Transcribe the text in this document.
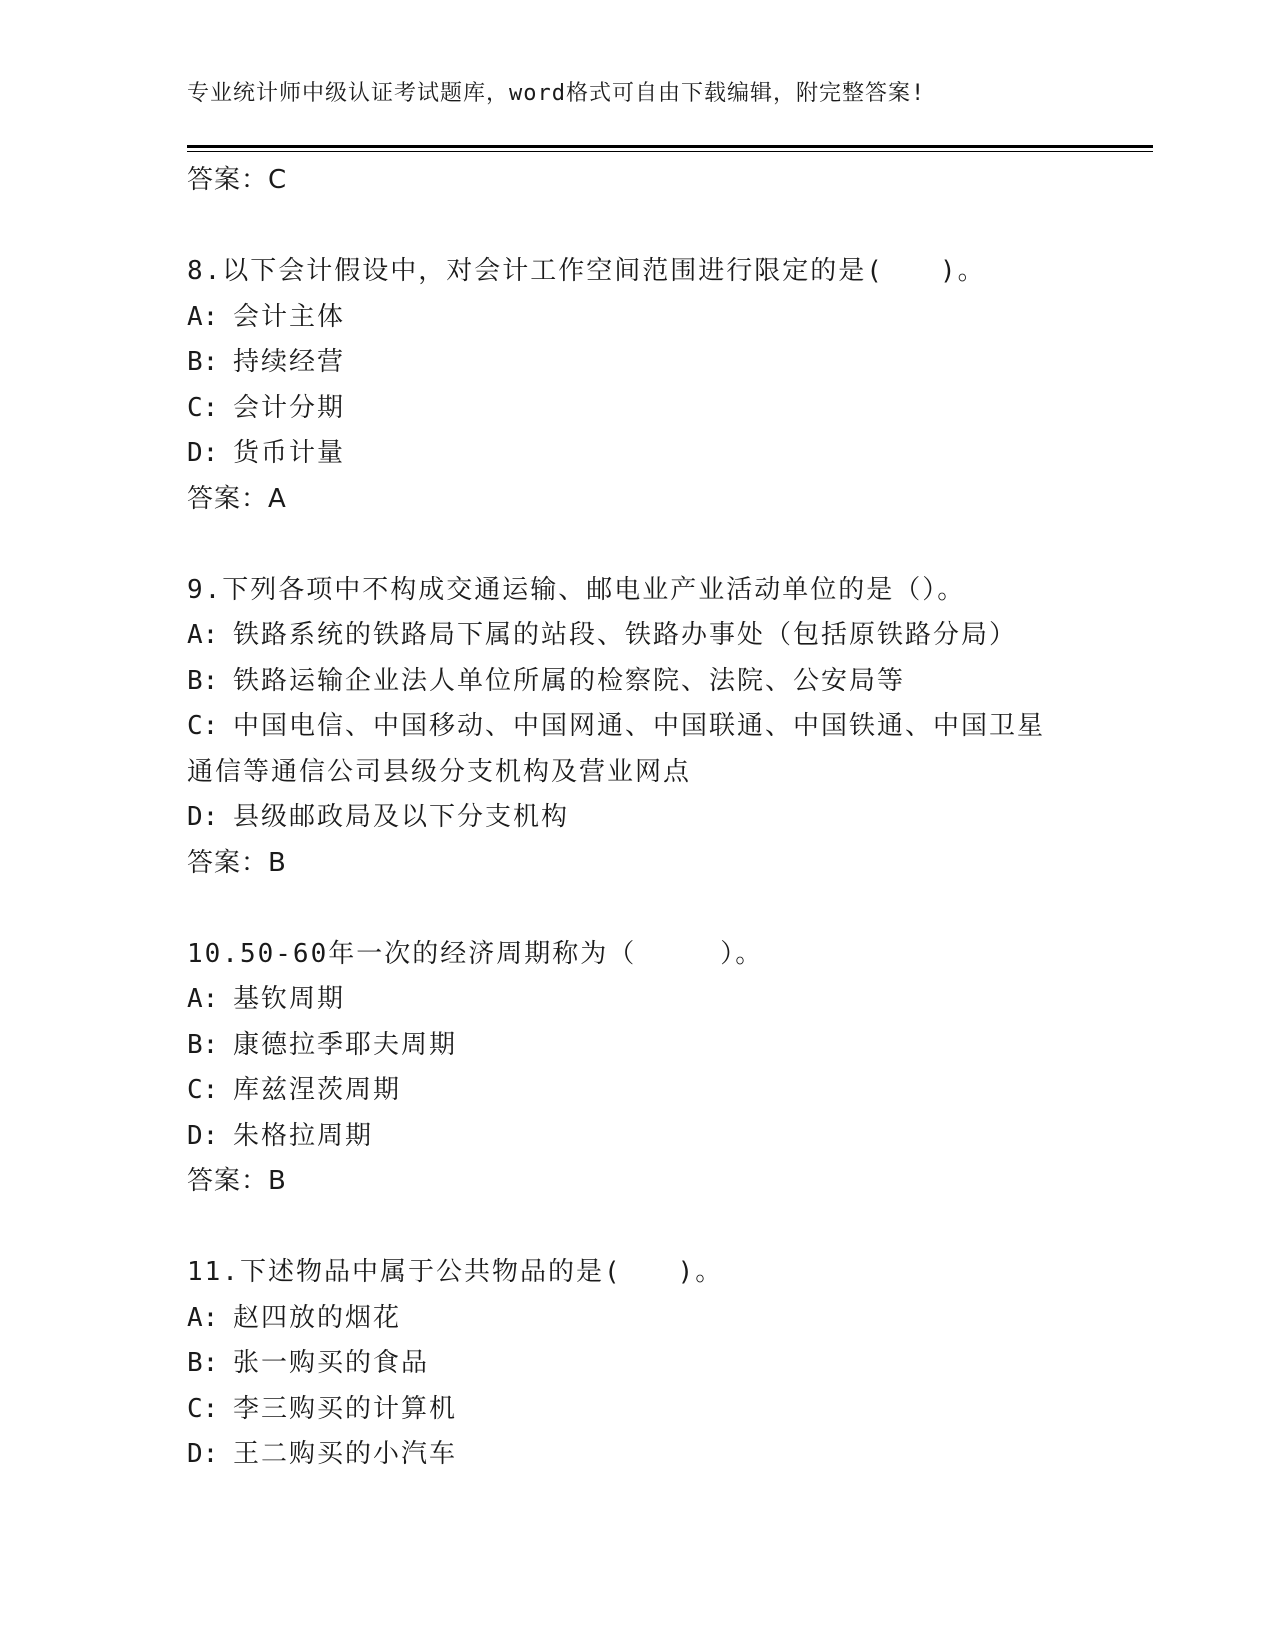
专业统计师中级认证考试题库，word格式可自由下载编辑，附完整答案!
答案：C
8.以下会计假设中，对会计工作空间范围进行限定的是(　　)。
A: 会计主体
B: 持续经营
C: 会计分期
D: 货币计量
答案：A
9.下列各项中不构成交通运输、邮电业产业活动单位的是（）。
A: 铁路系统的铁路局下属的站段、铁路办事处（包括原铁路分局）
B: 铁路运输企业法人单位所属的检察院、法院、公安局等
C: 中国电信、中国移动、中国网通、中国联通、中国铁通、中国卫星
通信等通信公司县级分支机构及营业网点
D: 县级邮政局及以下分支机构
答案：B
10.50-60年一次的经济周期称为（　　　）。
A: 基钦周期
B: 康德拉季耶夫周期
C: 库兹涅茨周期
D: 朱格拉周期
答案：B
11.下述物品中属于公共物品的是(　　)。
A: 赵四放的烟花
B: 张一购买的食品
C: 李三购买的计算机
D: 王二购买的小汽车
